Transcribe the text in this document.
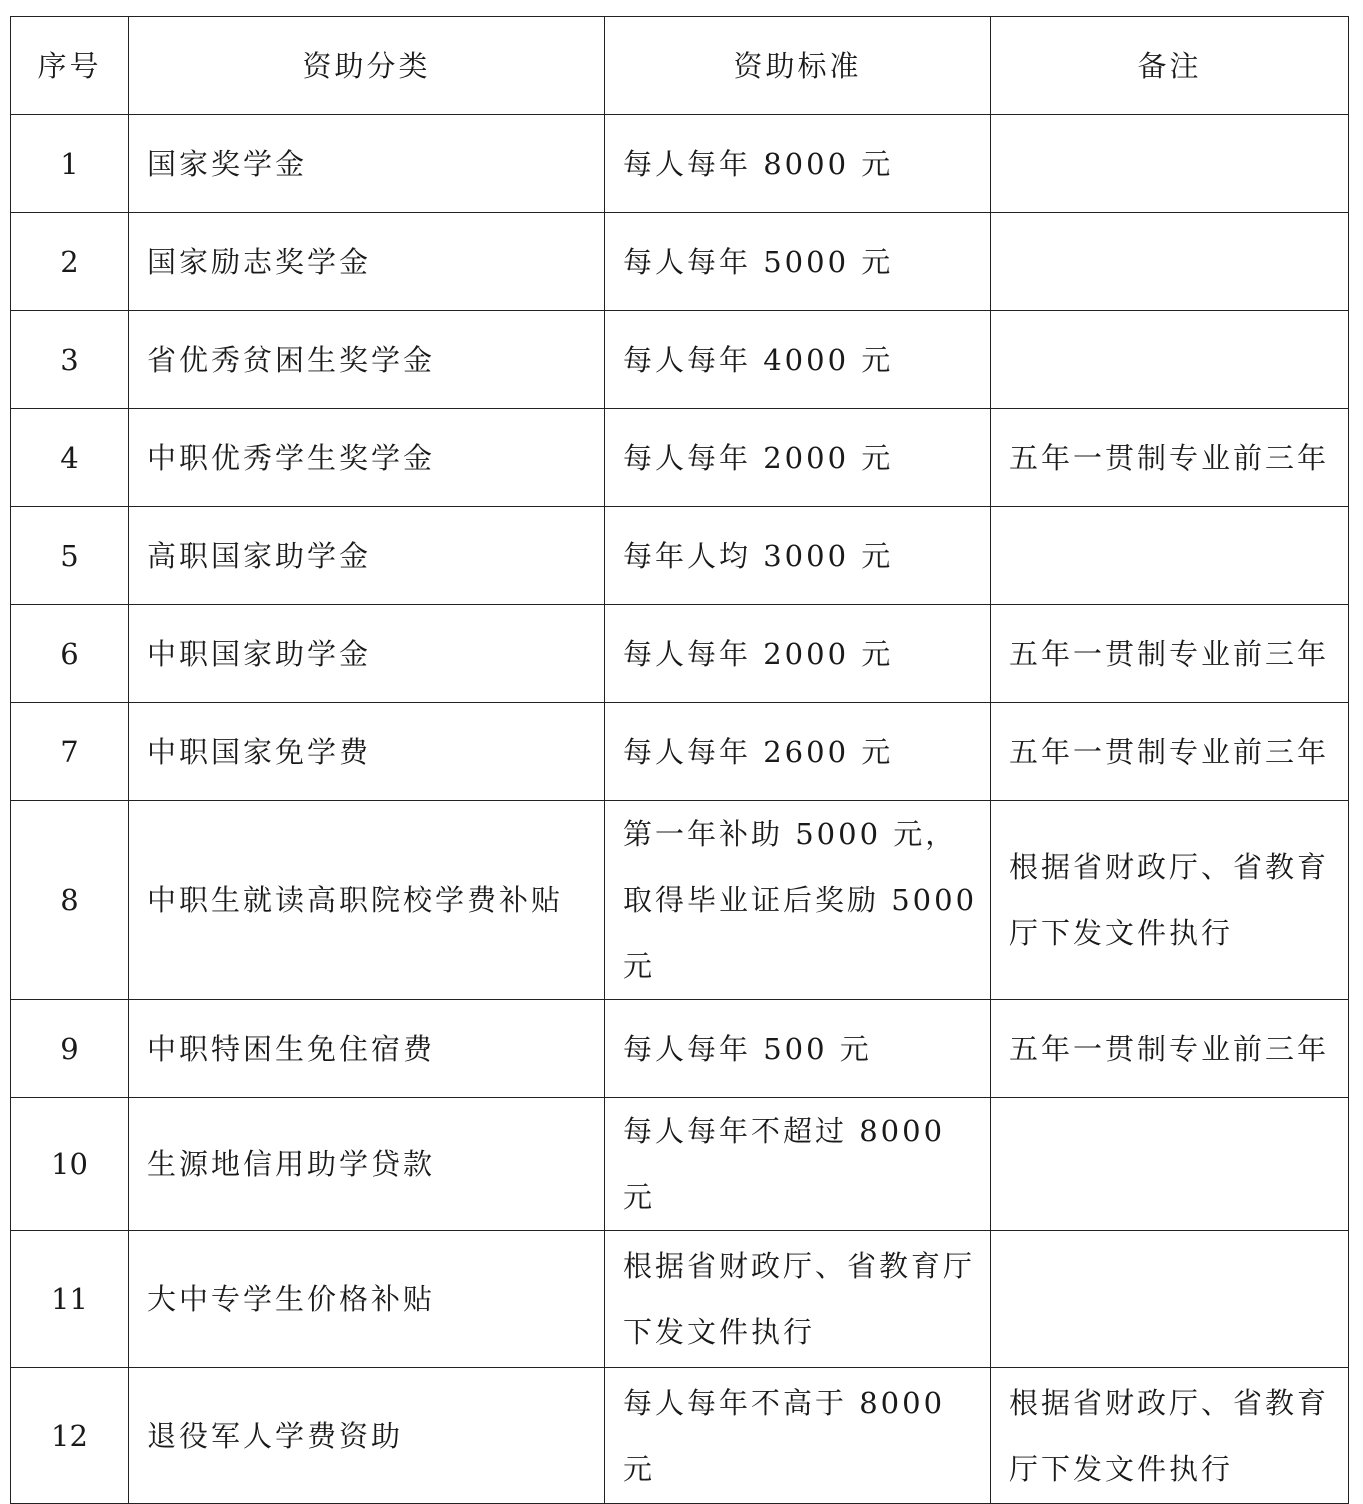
序号	资助分类	资助标准	备注
1	国家奖学金	每人每年 8000 元	
2	国家励志奖学金	每人每年 5000 元	
3	省优秀贫困生奖学金	每人每年 4000 元	
4	中职优秀学生奖学金	每人每年 2000 元	五年一贯制专业前三年
5	高职国家助学金	每年人均 3000 元	
6	中职国家助学金	每人每年 2000 元	五年一贯制专业前三年
7	中职国家免学费	每人每年 2600 元	五年一贯制专业前三年
8	中职生就读高职院校学费补贴	第一年补助 5000 元，取得毕业证后奖励 5000 元	根据省财政厅、省教育厅下发文件执行
9	中职特困生免住宿费	每人每年 500 元	五年一贯制专业前三年
10	生源地信用助学贷款	每人每年不超过 8000 元	
11	大中专学生价格补贴	根据省财政厅、省教育厅下发文件执行	
12	退役军人学费资助	每人每年不高于 8000 元	根据省财政厅、省教育厅下发文件执行
